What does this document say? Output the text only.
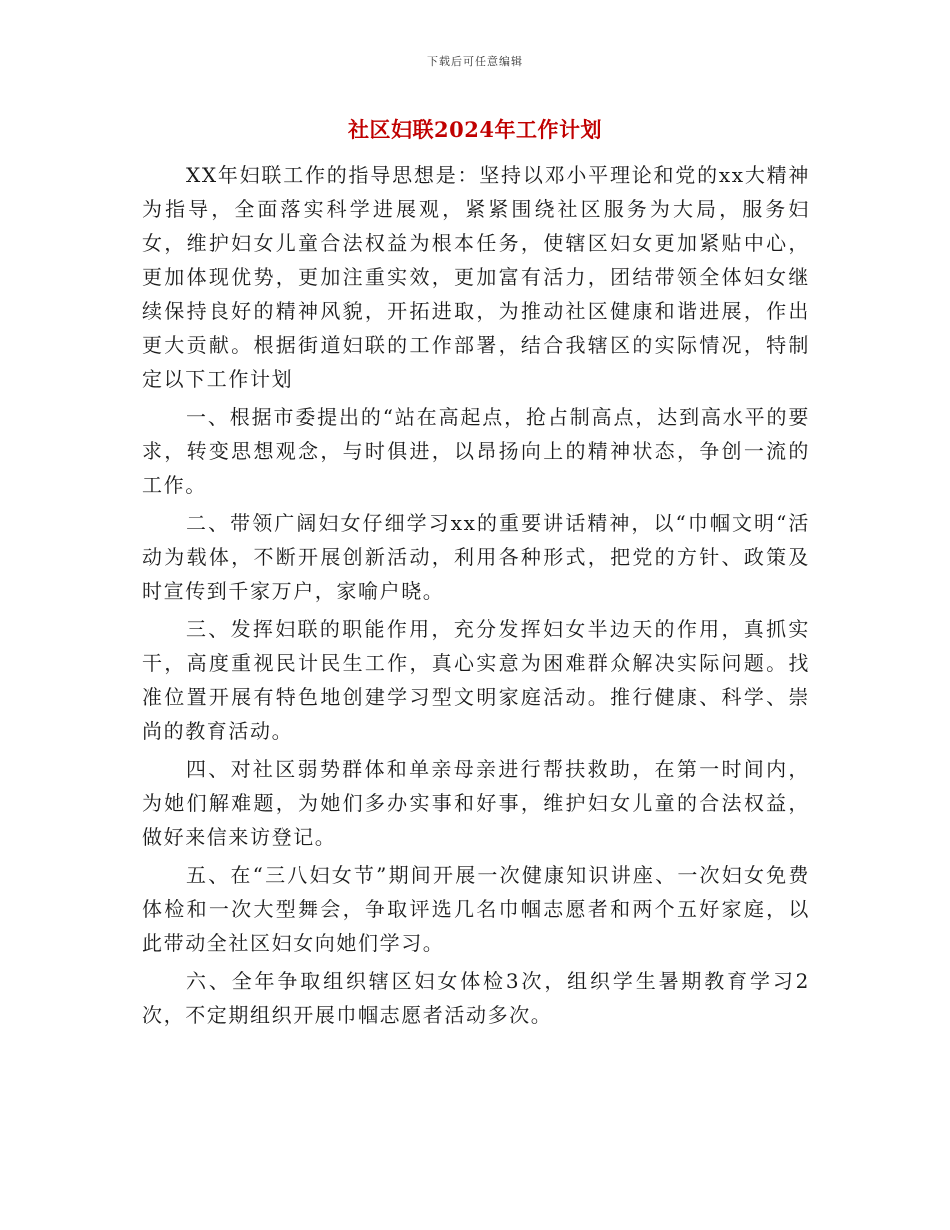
下载后可任意编辑
社区妇联2024年工作计划

XX年妇联工作的指导思想是：坚持以邓小平理论和党的xx大精神为指导，全面落实科学进展观，紧紧围绕社区服务为大局，服务妇女，维护妇女儿童合法权益为根本任务，使辖区妇女更加紧贴中心，更加体现优势，更加注重实效，更加富有活力，团结带领全体妇女继续保持良好的精神风貌，开拓进取，为推动社区健康和谐进展，作出更大贡献。根据街道妇联的工作部署，结合我辖区的实际情况，特制定以下工作计划

一、根据市委提出的“站在高起点，抢占制高点，达到高水平的要求，转变思想观念，与时俱进，以昂扬向上的精神状态，争创一流的工作。

二、带领广阔妇女仔细学习xx的重要讲话精神，以“巾帼文明“活动为载体，不断开展创新活动，利用各种形式，把党的方针、政策及时宣传到千家万户，家喻户晓。

三、发挥妇联的职能作用，充分发挥妇女半边天的作用，真抓实干，高度重视民计民生工作，真心实意为困难群众解决实际问题。找准位置开展有特色地创建学习型文明家庭活动。推行健康、科学、崇尚的教育活动。

四、对社区弱势群体和单亲母亲进行帮扶救助，在第一时间内，为她们解难题，为她们多办实事和好事，维护妇女儿童的合法权益，做好来信来访登记。

五、在“三八妇女节”期间开展一次健康知识讲座、一次妇女免费体检和一次大型舞会，争取评选几名巾帼志愿者和两个五好家庭，以此带动全社区妇女向她们学习。

六、全年争取组织辖区妇女体检3次，组织学生暑期教育学习2次，不定期组织开展巾帼志愿者活动多次。
